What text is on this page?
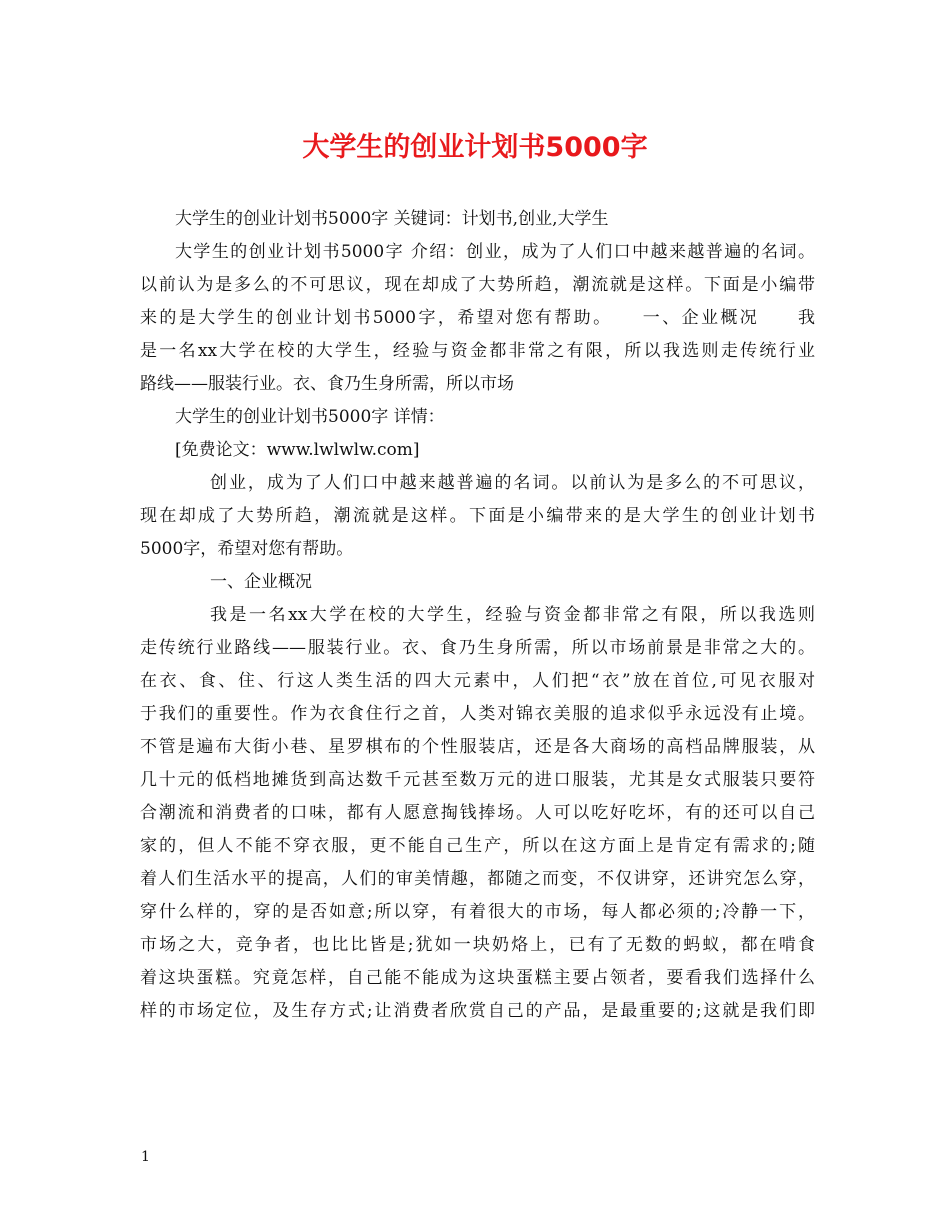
大学生的创业计划书5000字
大学生的创业计划书5000字 关键词：计划书,创业,大学生
大学生的创业计划书5000字 介绍：创业，成为了人们口中越来越普遍的名词。
以前认为是多么的不可思议，现在却成了大势所趋，潮流就是这样。下面是小编带
来的是大学生的创业计划书5000字，希望对您有帮助。　　一、企业概况　　我
是一名xx大学在校的大学生，经验与资金都非常之有限，所以我选则走传统行业
路线——服装行业。衣、食乃生身所需，所以市场
大学生的创业计划书5000字 详情：
[免费论文：www.lwlwlw.com]
创业，成为了人们口中越来越普遍的名词。以前认为是多么的不可思议，
现在却成了大势所趋，潮流就是这样。下面是小编带来的是大学生的创业计划书
5000字，希望对您有帮助。
一、企业概况
我是一名xx大学在校的大学生，经验与资金都非常之有限，所以我选则
走传统行业路线——服装行业。衣、食乃生身所需，所以市场前景是非常之大的。
在衣、食、住、行这人类生活的四大元素中，人们把“衣”放在首位,可见衣服对
于我们的重要性。作为衣食住行之首，人类对锦衣美服的追求似乎永远没有止境。
不管是遍布大街小巷、星罗棋布的个性服装店，还是各大商场的高档品牌服装，从
几十元的低档地摊货到高达数千元甚至数万元的进口服装，尤其是女式服装只要符
合潮流和消费者的口味，都有人愿意掏钱捧场。人可以吃好吃坏，有的还可以自己
家的，但人不能不穿衣服，更不能自己生产，所以在这方面上是肯定有需求的;随
着人们生活水平的提高，人们的审美情趣，都随之而变，不仅讲穿，还讲究怎么穿，
穿什么样的，穿的是否如意;所以穿，有着很大的市场，每人都必须的;冷静一下，
市场之大，竞争者，也比比皆是;犹如一块奶烙上，已有了无数的蚂蚁，都在啃食
着这块蛋糕。究竟怎样，自己能不能成为这块蛋糕主要占领者，要看我们选择什么
样的市场定位，及生存方式;让消费者欣赏自己的产品，是最重要的;这就是我们即
1
